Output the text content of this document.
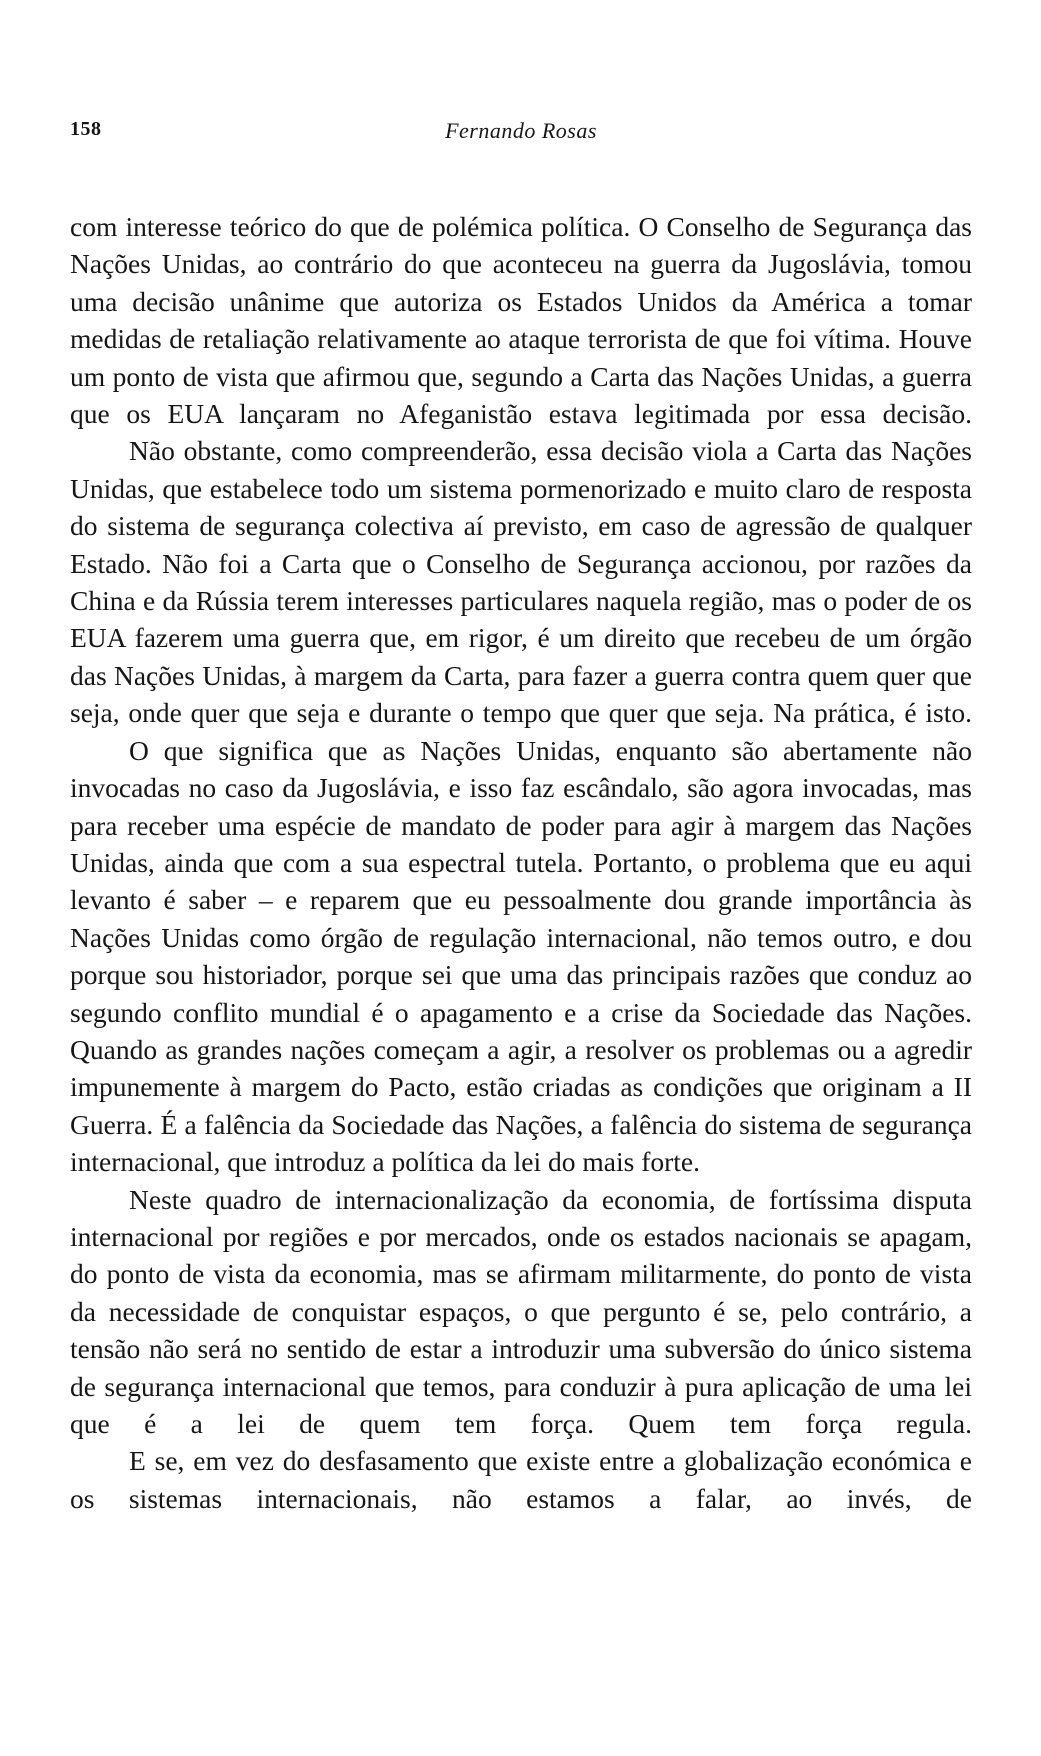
158	Fernando Rosas

com interesse teórico do que de polémica política. O Conselho de Segurança das Nações Unidas, ao contrário do que aconteceu na guerra da Jugoslávia, tomou uma decisão unânime que autoriza os Estados Unidos da América a tomar medidas de retaliação relativamente ao ataque terrorista de que foi vítima. Houve um ponto de vista que afirmou que, segundo a Carta das Nações Unidas, a guerra que os EUA lançaram no Afeganistão estava legitimada por essa decisão.

Não obstante, como compreenderão, essa decisão viola a Carta das Nações Unidas, que estabelece todo um sistema pormenorizado e muito claro de resposta do sistema de segurança colectiva aí previsto, em caso de agressão de qualquer Estado. Não foi a Carta que o Conselho de Segurança accionou, por razões da China e da Rússia terem interesses particulares naquela região, mas o poder de os EUA fazerem uma guerra que, em rigor, é um direito que recebeu de um órgão das Nações Unidas, à margem da Carta, para fazer a guerra contra quem quer que seja, onde quer que seja e durante o tempo que quer que seja. Na prática, é isto.

O que significa que as Nações Unidas, enquanto são abertamente não invocadas no caso da Jugoslávia, e isso faz escândalo, são agora invocadas, mas para receber uma espécie de mandato de poder para agir à margem das Nações Unidas, ainda que com a sua espectral tutela. Portanto, o problema que eu aqui levanto é saber – e reparem que eu pessoalmente dou grande importância às Nações Unidas como órgão de regulação internacional, não temos outro, e dou porque sou historiador, porque sei que uma das principais razões que conduz ao segundo conflito mundial é o apagamento e a crise da Sociedade das Nações. Quando as grandes nações começam a agir, a resolver os problemas ou a agredir impunemente à margem do Pacto, estão criadas as condições que originam a II Guerra. É a falência da Sociedade das Nações, a falência do sistema de segurança internacional, que introduz a política da lei do mais forte.

Neste quadro de internacionalização da economia, de fortíssima disputa internacional por regiões e por mercados, onde os estados nacionais se apagam, do ponto de vista da economia, mas se afirmam militarmente, do ponto de vista da necessidade de conquistar espaços, o que pergunto é se, pelo contrário, a tensão não será no sentido de estar a introduzir uma subversão do único sistema de segurança internacional que temos, para conduzir à pura aplicação de uma lei que é a lei de quem tem força. Quem tem força regula.

E se, em vez do desfasamento que existe entre a globalização económica e os sistemas internacionais, não estamos a falar, ao invés, de
